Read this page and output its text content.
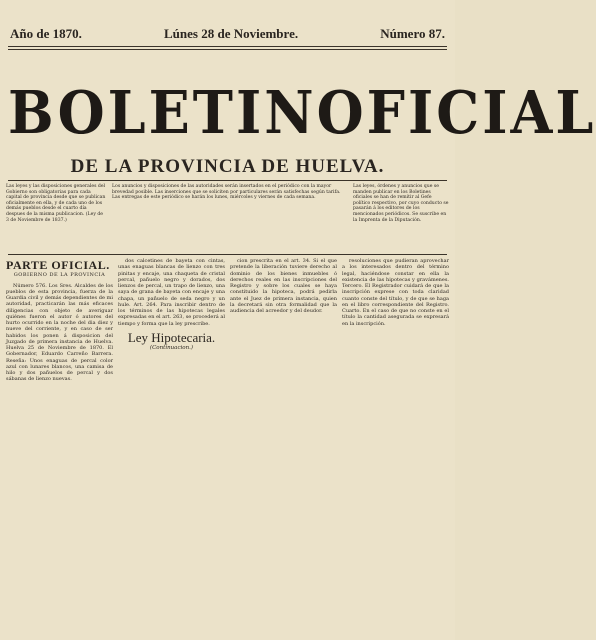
Año de 1870.	Lúnes 28 de Noviembre.	Número 87.
BOLETIN OFICIAL
DE LA PROVINCIA DE HUELVA.
Las leyes y las disposiciones generales del Gobierno son obligatorias para cada capital de provincia desde que se publican oficialmente en ella, y de cada uno de los demás pueblos desde el cuarto día despues de la misma publicacion. (Ley de 3 de Noviembre de 1837.)
Los anuncios y disposiciones de las autoridades serán insertados en el periódico con la mayor brevedad posible. Las inserciones que se soliciten por particulares serán satisfechas según tarifa. Las entregas de este periódico se harán los lunes, miércoles y viernes de cada semana.
Las leyes, órdenes y anuncios que se manden publicar en los Boletines oficiales se han de remitir al Gefe político respectivo, por cuyo conducto se pasarán á los editores de los mencionados periódicos. Se suscribe en la Imprenta de la Diputación.
PARTE OFICIAL.
GOBIERNO DE LA PROVINCIA

Número 576. Los Sres. Alcaldes de los pueblos de esta provincia, fuerza de la Guardia civil y demás dependientes de mi autoridad, practicarán las más eficaces diligencias con objeto de averiguar quiénes fueron el autor ó autores del hurto ocurrido en la noche del dia diez y nueve del corriente, y en caso de ser habidos los ponen á disposicion del Juzgado de primera instancia de Huelva. Huelva 25 de Noviembre de 1870. El Gobernador, Eduardo Carreño Barrera. Reseña: Unos enaguas de percal color azul con lunares blancos, una camisa de hilo y dos pañuelos de percal y dos sábanas de lienzo nuevas.

dos calcetines de bayeta con cintas, unas enaguas blancas de lienzo con tres pinitas y encaje, una chaqueta de cristal percal, pañuelo negro y dorados, dos lienzos de percal, un trapo de lienzo, una saya de grana de bayeta con encaje y una chapa, un pañuelo de seda negro y un hule. Art. 264. Para inscribir dentro de los términos de las hipotecas legales expresadas en el art. 263, se procederá al tiempo y forma que la ley prescribe.

Ley Hipotecaria.
(Continuacion.)

cion prescrita en el art. 34. Si el que pretende la liberación tuviere derecho al dominio de los bienes inmuebles ó derechos reales en las inscripciones del Registro y sobre los cuales se haya constituido la hipoteca, podrá pedirla ante el Juez de primera instancia, quien la decretará sin otra formalidad que la audiencia del acreedor y del deudor.

resoluciones que pudieran aprovechar a los interesados dentro del término legal, haciéndose constar en ella la existencia de las hipotecas y gravámenes. Tercero. El Registrador cuidará de que la inscripción exprese con toda claridad cuanto conste del título, y de que se haga en el libro correspondiente del Registro. Cuarto. En el caso de que no conste en el título la cantidad asegurada se expresará en la inscripción.
